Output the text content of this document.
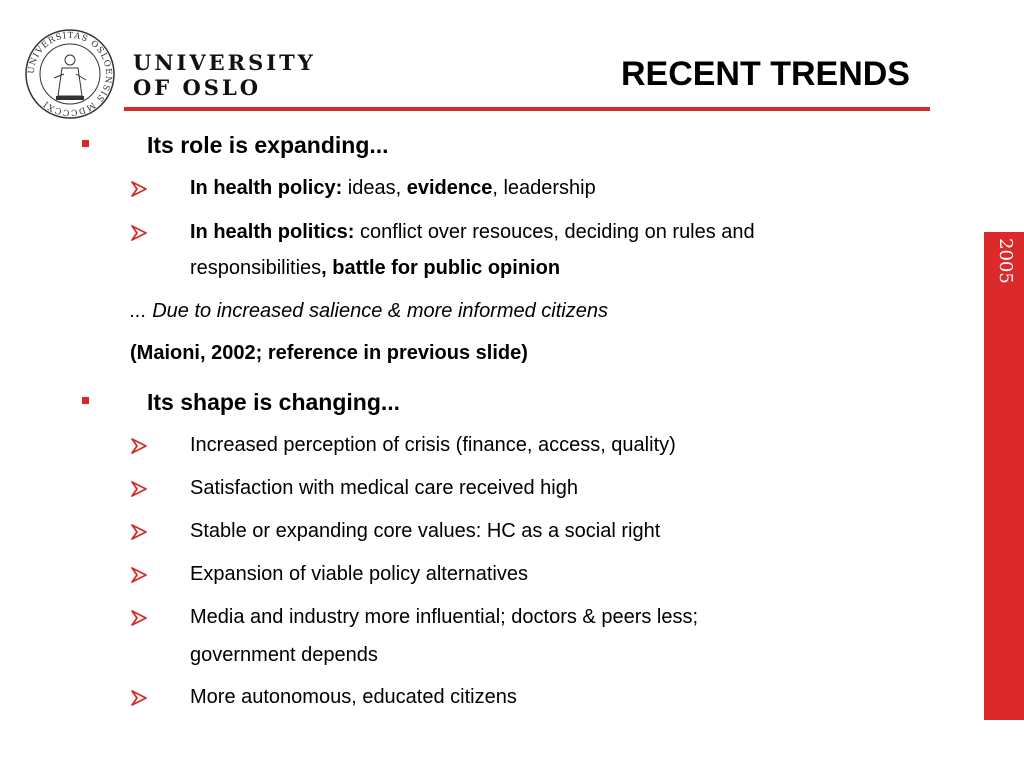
UNIVERSITAS OSLOENSIS MDCCCXI
UNIVERSITY
OF OSLO	RECENT TRENDS
2005
Its role is expanding...
In health policy: ideas, evidence, leadership
In health politics: conflict over resouces, deciding on rules and
responsibilities, battle for public opinion
... Due to increased salience & more informed citizens
(Maioni, 2002; reference in previous slide)
Its shape is changing...
Increased perception of crisis (finance, access, quality)
Satisfaction with medical care received high
Stable or expanding core values: HC as a social right
Expansion of viable policy alternatives
Media and industry more influential; doctors & peers less;
government depends
More autonomous, educated citizens
